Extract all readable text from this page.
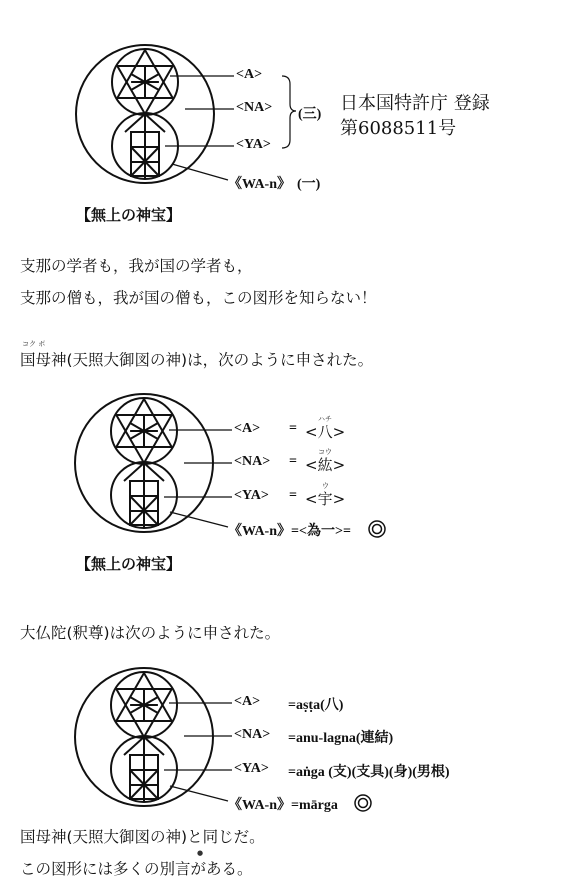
<A>
<NA>
<YA>
(三)
《WA-n》 (一)
【無上の神宝】
日本国特許庁 登録
第6088511号
支那の学者も，我が国の学者も，
支那の僧も，我が国の僧も，この図形を知らない！
コク ボ
国母神(天照大御図の神)は，次のように申された。
<A>
<NA>
<YA>
=
=
=
ハチ
<八>
コウ
<紘>
ウ
<宇>
《WA-n》=<為一>=
【無上の神宝】
大仏陀(釈尊)は次のように申された。
<A> =aṣṭa(八)
<NA> =anu-lagna(連結)
<YA> =aṅga (支)(支具)(身)(男根)
《WA-n》=mārga
国母神(天照大御図の神)と同じだ。
●
この図形には多くの別言がある。
